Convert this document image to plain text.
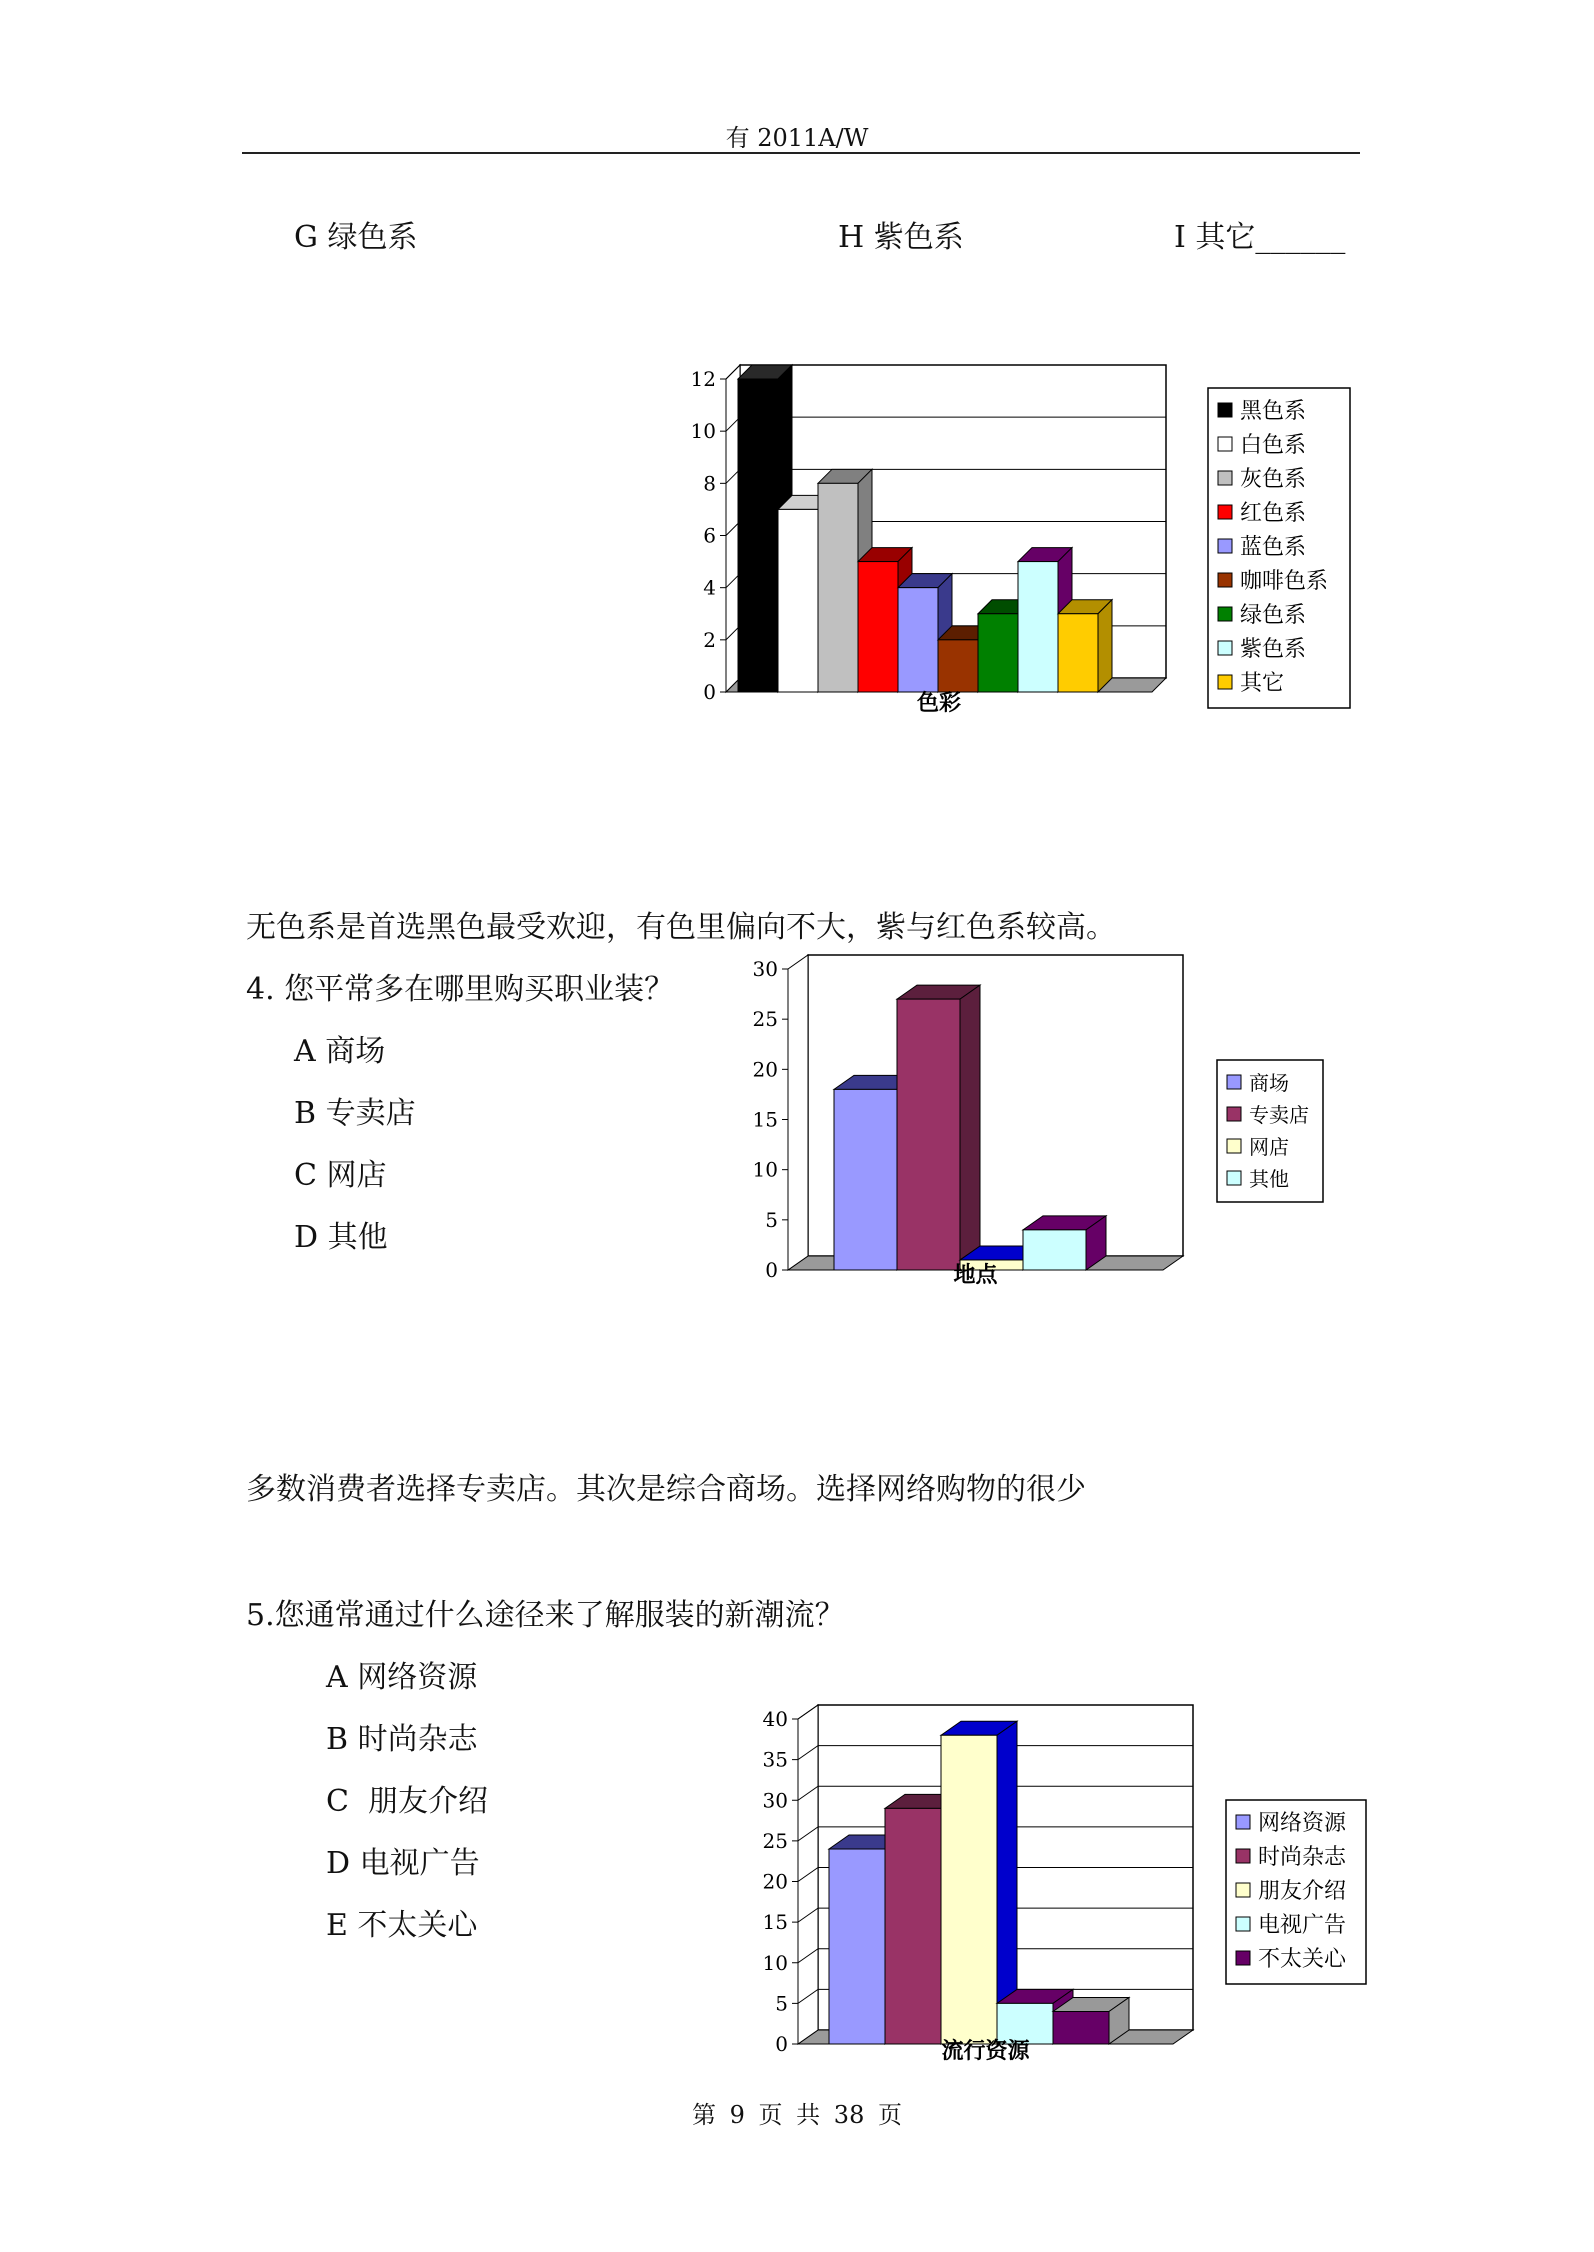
有 2011A/W
G 绿色系	H 紫色系	I 其它______
0
2
4
6
8
10
12
色彩
黑色系
白色系
灰色系
红色系
蓝色系
咖啡色系
绿色系
紫色系
其它
0
5
10
15
20
25
30
地点
商场
专卖店
网店
其他
0
5
10
15
20
25
30
35
40
流行资源
网络资源
时尚杂志
朋友介绍
电视广告
不太关心
无色系是首选黑色最受欢迎，有色里偏向不大，紫与红色系较高。
4. 您平常多在哪里购买职业装？
A 商场
B 专卖店
C 网店
D 其他
多数消费者选择专卖店。其次是综合商场。选择网络购物的很少
5.您通常通过什么途径来了解服装的新潮流？
A 网络资源
B 时尚杂志
C  朋友介绍
D 电视广告
E 不太关心
第 9 页 共 38 页
